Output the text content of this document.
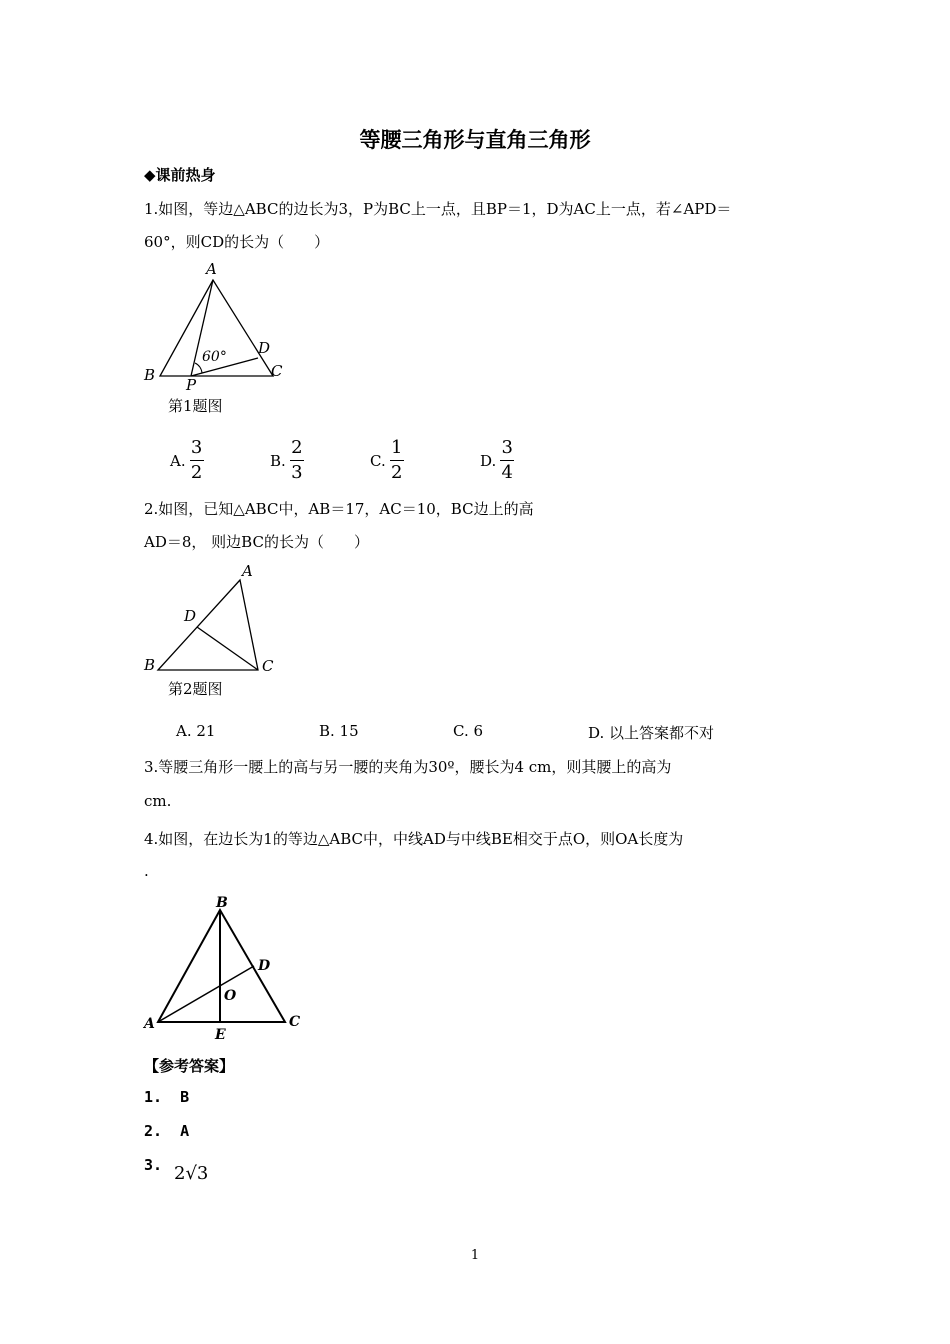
等腰三角形与直角三角形
◆课前热身
1.如图，等边△ABC的边长为3，P为BC上一点，且BP＝1，D为AC上一点，若∠APD＝
60°，则CD的长为（　　）
A
B	C
D
P
60°
第1题图
A. $\frac{3}{2}$	B. $\frac{2}{3}$	C. $\frac{1}{2}$	D. $\frac{3}{4}$
2.如图，已知△ABC中，AB＝17，AC＝10，BC边上的高
AD＝8， 则边BC的长为（　　）
A
B	C
D
第2题图
A. 21	B. 15	C. 6	D. 以上答案都不对
3.等腰三角形一腰上的高与另一腰的夹角为30º，腰长为4 cm，则其腰上的高为
cm.
4.如图，在边长为1的等边△ABC中，中线AD与中线BE相交于点O，则OA长度为
.
B
A	C
D
E
O
【参考答案】
1. B
2. A
3. 2√3
1
